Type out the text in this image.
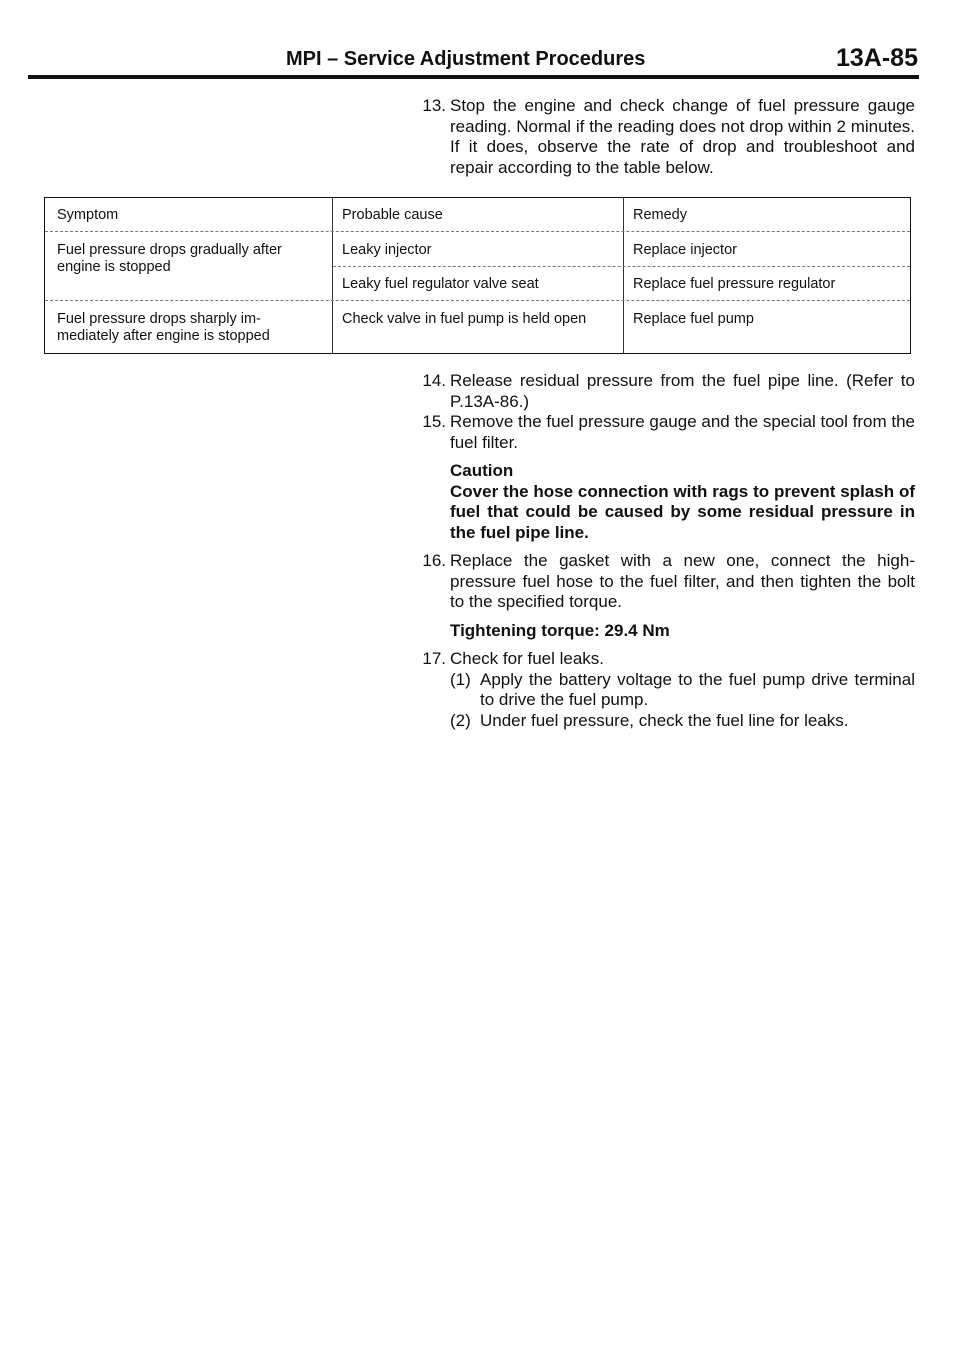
MPI – Service Adjustment Procedures	13A-85
13. Stop the engine and check change of fuel pressure gauge reading. Normal if the reading does not drop within 2 minutes. If it does, observe the rate of drop and troubleshoot and repair according to the table below.
Symptom	Probable cause	Remedy
Fuel pressure drops gradually after engine is stopped
Leaky injector	Replace injector
Leaky fuel regulator valve seat	Replace fuel pressure regulator
Fuel pressure drops sharply im-mediately after engine is stopped
Check valve in fuel pump is held open	Replace fuel pump
14. Release residual pressure from the fuel pipe line. (Refer to P.13A-86.)
15. Remove the fuel pressure gauge and the special tool from the fuel filter.
Caution
Cover the hose connection with rags to prevent splash of fuel that could be caused by some residual pressure in the fuel pipe line.
16. Replace the gasket with a new one, connect the high-pressure fuel hose to the fuel filter, and then tighten the bolt to the specified torque.
Tightening torque: 29.4 Nm
17. Check for fuel leaks.
(1) Apply the battery voltage to the fuel pump drive terminal to drive the fuel pump.
(2) Under fuel pressure, check the fuel line for leaks.
